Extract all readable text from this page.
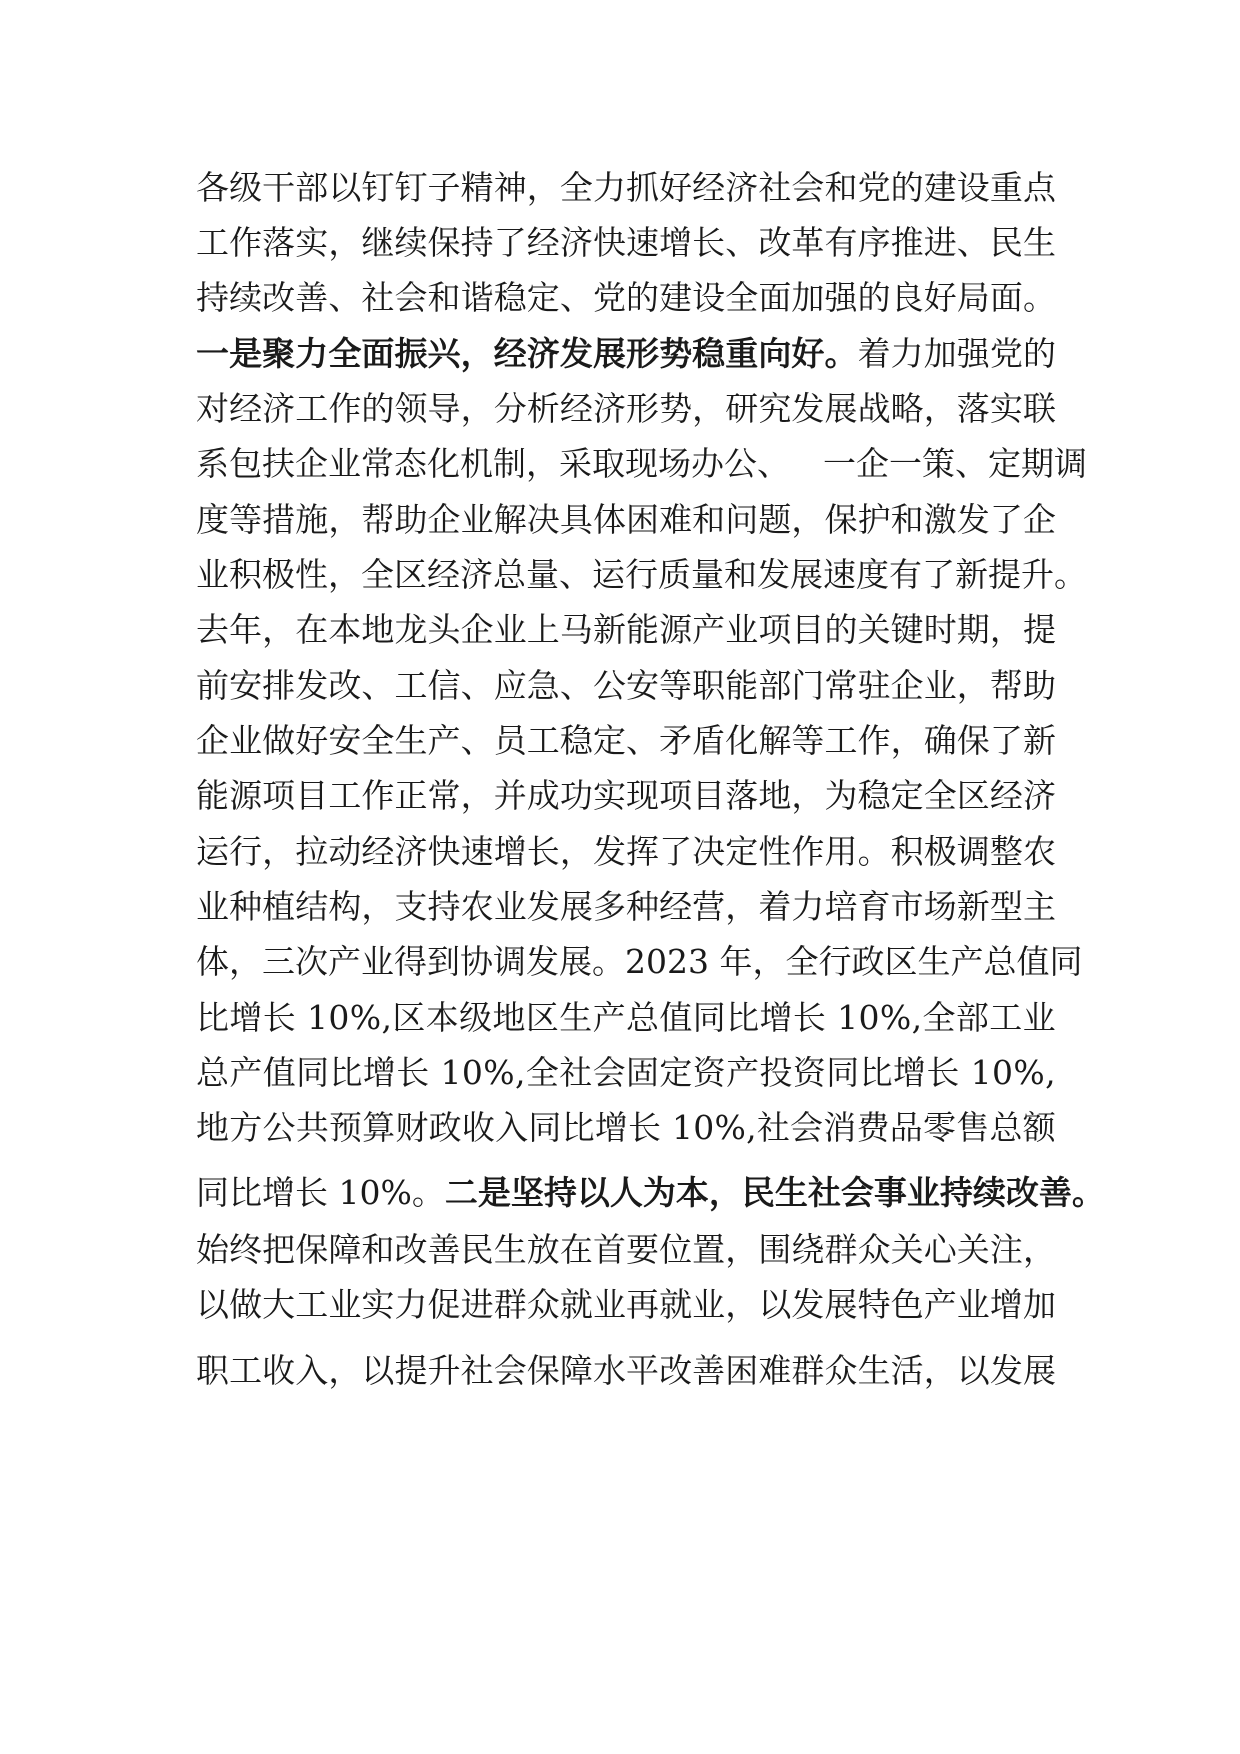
各 级 干 部 以 钉 钉 子 精 神 ， 全 力 抓 好 经 济 社 会 和 党 的 建 设 重 点
工 作 落 实 ， 继 续 保 持 了 经 济 快 速 增 长 、 改 革 有 序 推 进 、 民 生
持 续 改 善 、 社 会 和 谐 稳 定 、 党 的 建 设 全 面 加 强 的 良 好 局 面 。
一 是 聚 力 全 面 振 兴 ， 经 济 发 展 形 势 稳 重 向 好 。 着 力 加 强 党 的
对 经 济 工 作 的 领 导 ， 分 析 经 济 形 势 ， 研 究 发 展 战 略 ， 落 实 联
系 包 扶 企 业 常 态 化 机 制 ， 采 取 现 场 办 公 、
　 一 企 一 策 、 定 期 调
度 等 措 施 ， 帮 助 企 业 解 决 具 体 困 难 和 问 题 ， 保 护 和 激 发 了 企
业 积 极 性 ， 全 区 经 济 总 量 、 运 行 质 量 和 发 展 速 度 有 了 新 提 升 。
去 年 ， 在 本 地 龙 头 企 业 上 马 新 能 源 产 业 项 目 的 关 键 时 期 ， 提
前 安 排 发 改 、 工 信 、 应 急 、 公 安 等 职 能 部 门 常 驻 企 业 ， 帮 助
企 业 做 好 安 全 生 产 、 员 工 稳 定 、 矛 盾 化 解 等 工 作 ， 确 保 了 新
能 源 项 目 工 作 正 常 ， 并 成 功 实 现 项 目 落 地 ， 为 稳 定 全 区 经 济
运 行 ， 拉 动 经 济 快 速 增 长 ， 发 挥 了 决 定 性 作 用 。 积 极 调 整 农
业 种 植 结 构 ， 支 持 农 业 发 展 多 种 经 营 ， 着 力 培 育 市 场 新 型 主
体 ， 三 次 产 业 得 到 协 调 发 展 。 2 0 2 3
年 ， 全 行 政 区 生 产 总 值 同
比 增 长
1 0 % , 区 本 级 地 区 生 产 总 值 同 比 增 长
1 0 % , 全 部 工 业
总 产 值 同 比 增 长
1 0 % , 全 社 会 固 定 资 产 投 资 同 比 增 长
1 0 % ,
地 方 公 共 预 算 财 政 收 入 同 比 增 长
1 0 % , 社 会 消 费 品 零 售 总 额
同 比 增 长
1 0 % 。 二 是 坚 持 以 人 为 本 ， 民 生 社 会 事 业 持 续 改 善 。
始 终 把 保 障 和 改 善 民 生 放 在 首 要 位 置 ， 围 绕 群 众 关 心 关 注 ，
以 做 大 工 业 实 力 促 进 群 众 就 业 再 就 业 ， 以 发 展 特 色 产 业 增 加
职 工 收 入 ， 以 提 升 社 会 保 障 水 平 改 善 困 难 群 众 生 活 ， 以 发 展
